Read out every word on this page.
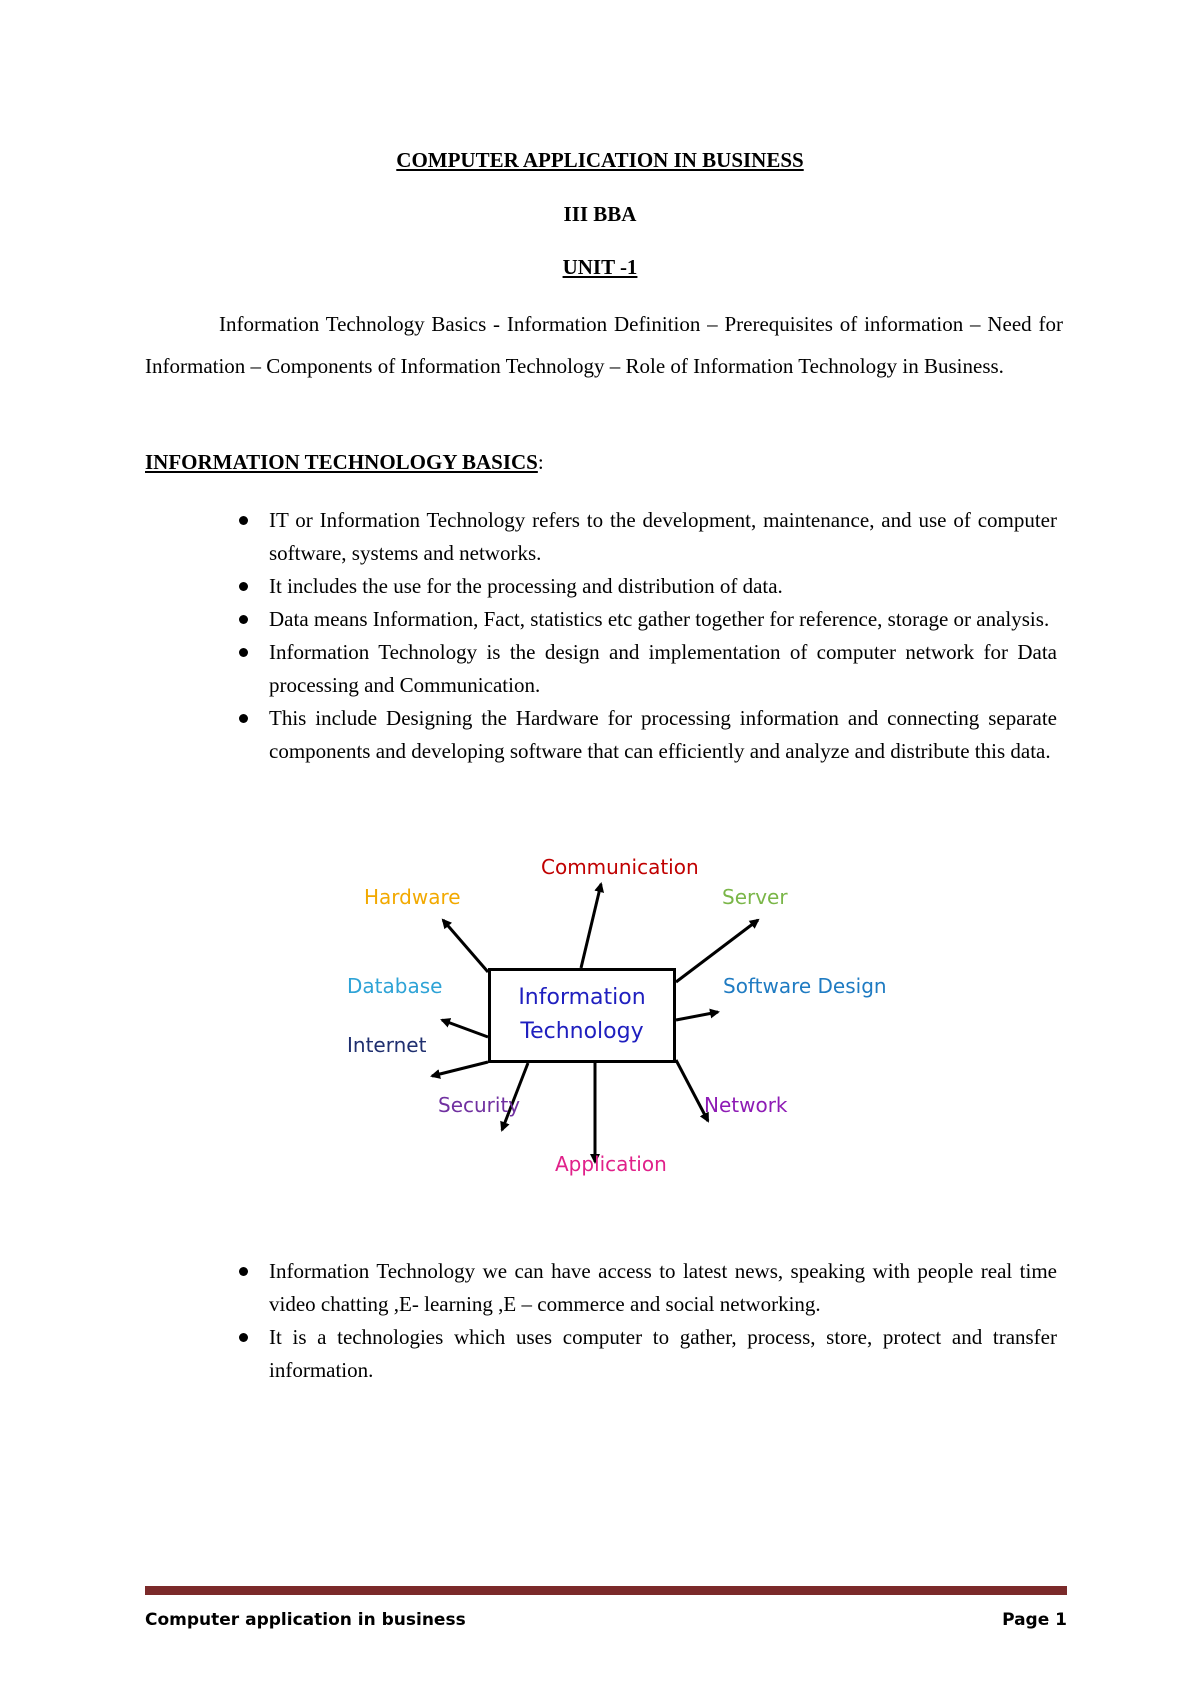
COMPUTER APPLICATION IN BUSINESS
III BBA
UNIT -1

Information Technology Basics - Information Definition – Prerequisites of information – Need for Information – Components of Information Technology – Role of Information Technology in Business.

INFORMATION TECHNOLOGY BASICS:

IT or Information Technology refers to the development, maintenance, and use of computer software, systems and networks.
It includes the use for the processing and distribution of data.
Data means Information, Fact, statistics etc gather together for reference, storage or analysis.
Information Technology is the design and implementation of computer network for Data processing and Communication.
This include Designing the Hardware for processing information and connecting separate components and developing software that can efficiently and analyze and distribute this data.
Information
Technology
Communication
Hardware	Server
Database	Software Design
Internet
Security	Network
Application
Information Technology we can have access to latest news, speaking with people real time video chatting ,E- learning ,E – commerce and social networking.
It is a technologies which uses computer to gather, process, store, protect and transfer information.
Computer application in business	Page 1
